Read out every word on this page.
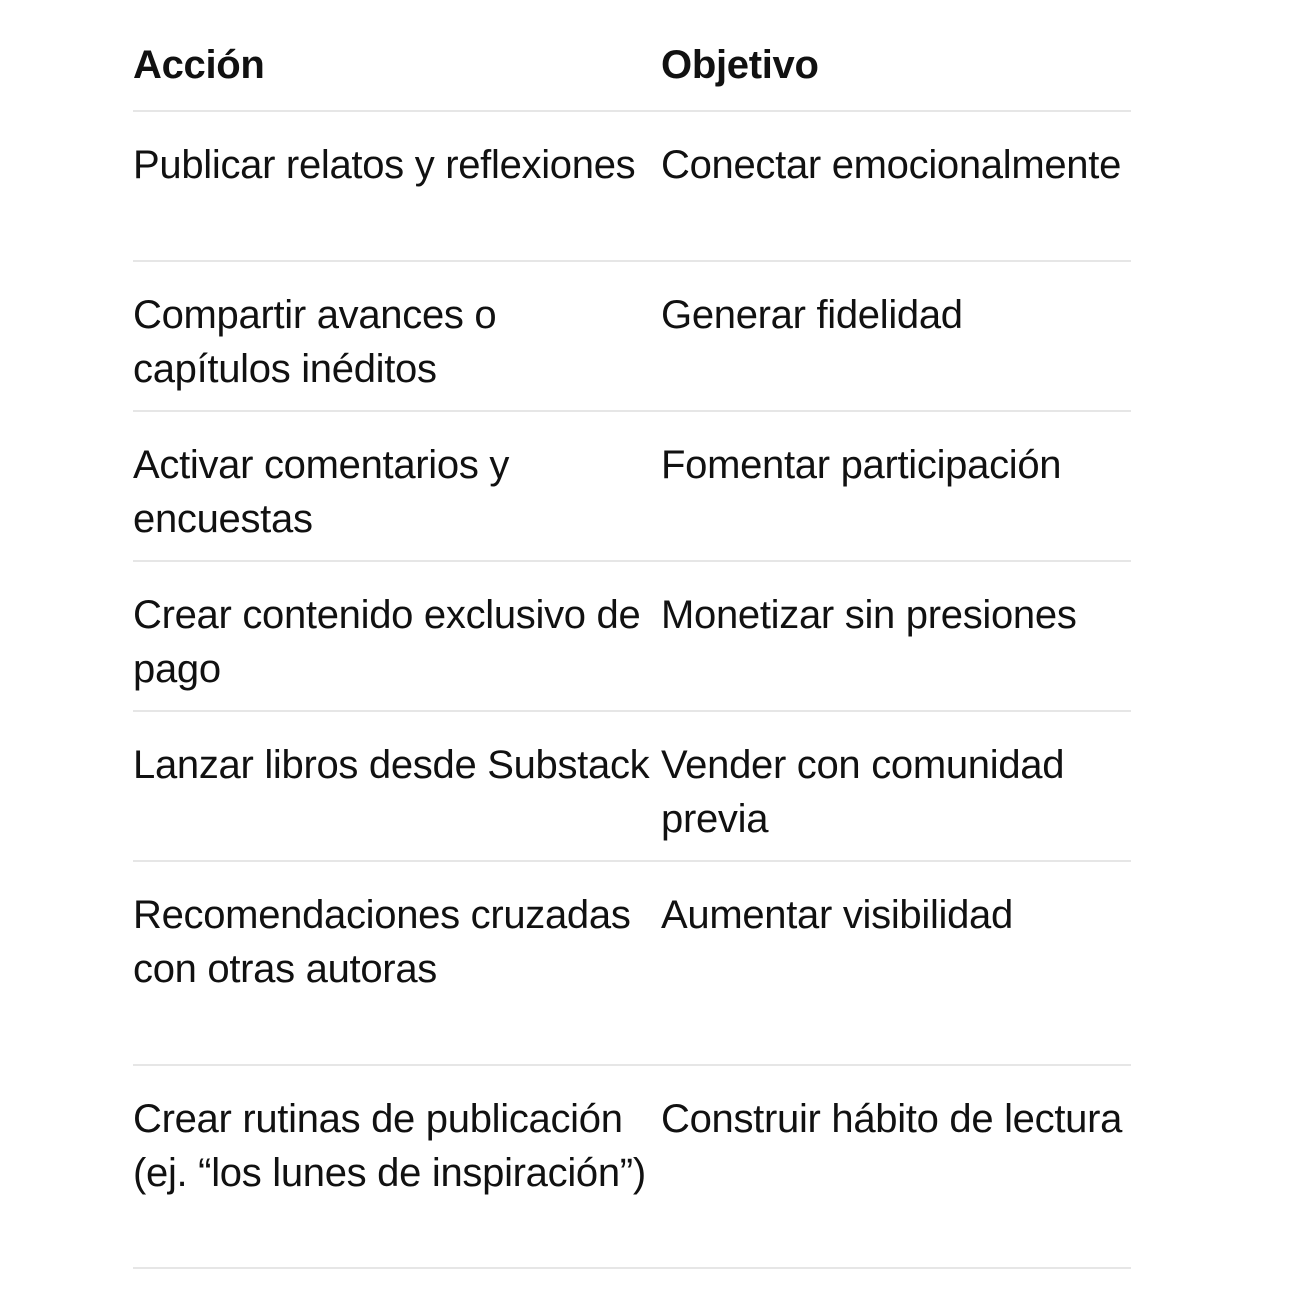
Acción	Objetivo
Publicar relatos y reflexiones Conectar emocionalmente
Compartir avances o capítulos inéditos
Generar fidelidad
Activar comentarios y encuestas
Fomentar participación
Crear contenido exclusivo de pago
Monetizar sin presiones
Lanzar libros desde Substack Vender con comunidad previa
Recomendaciones cruzadas con otras autoras
Aumentar visibilidad
Crear rutinas de publicación (ej. “los lunes de inspiración”)
Construir hábito de lectura
